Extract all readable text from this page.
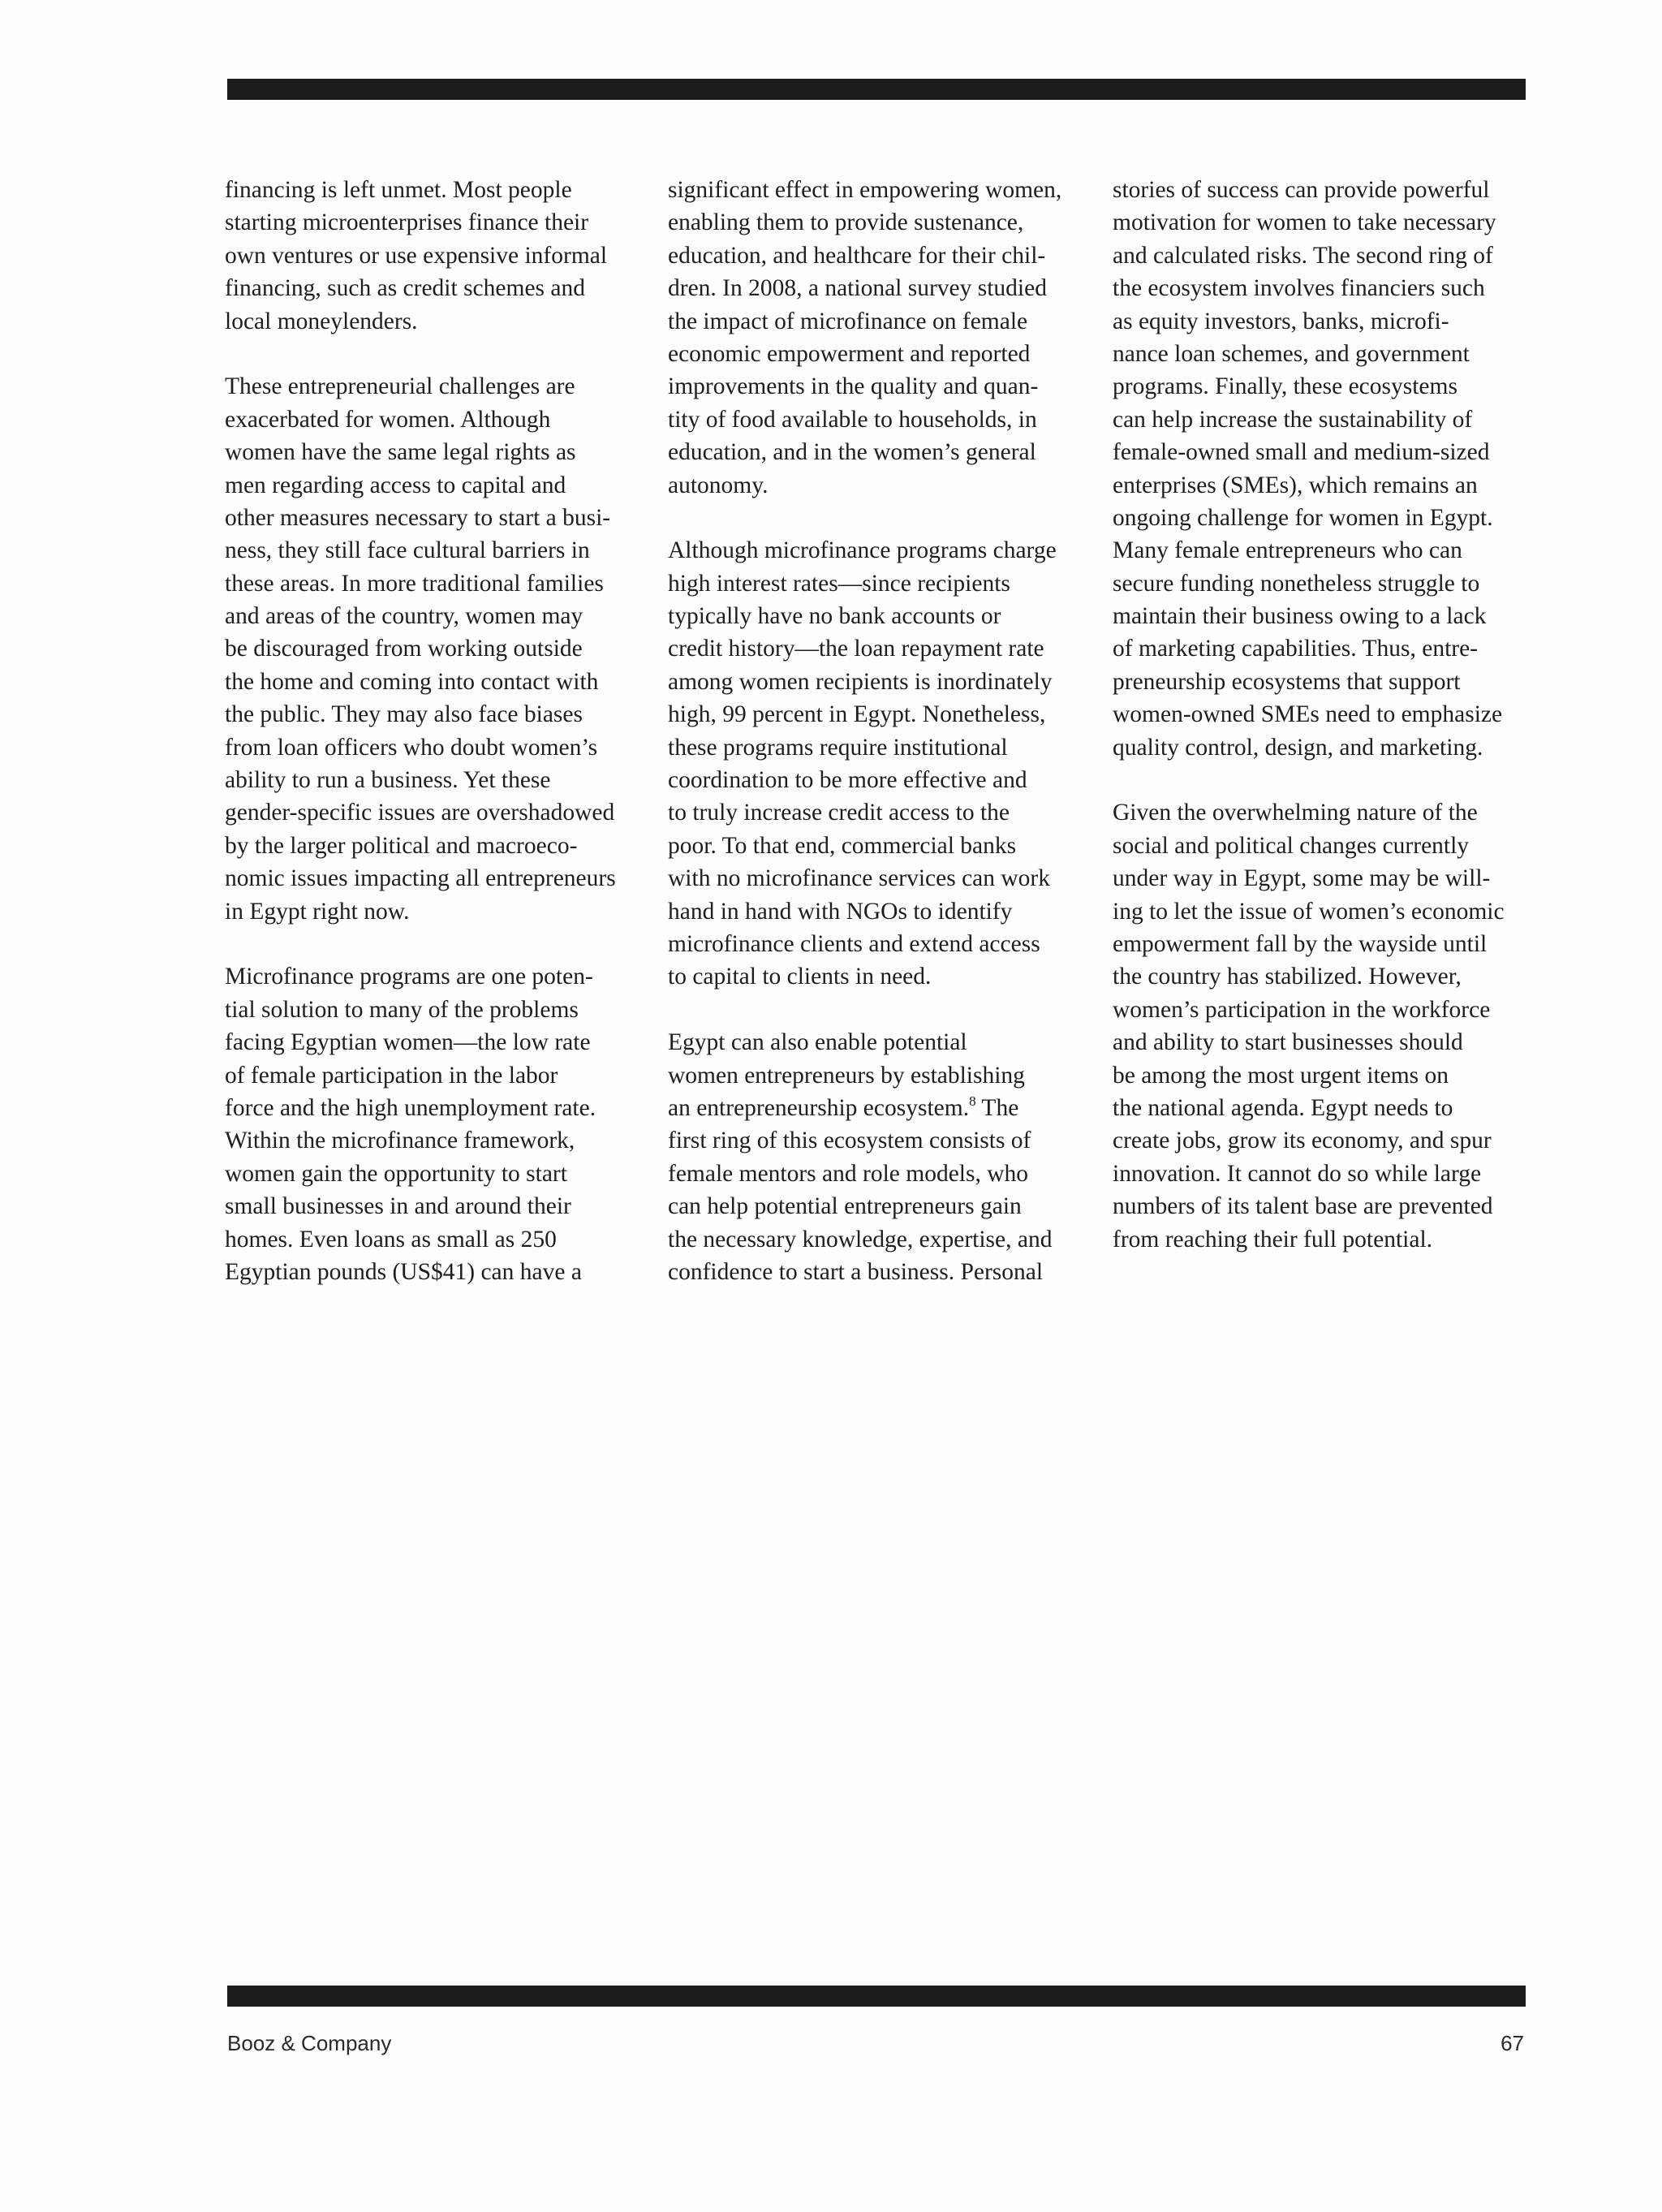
financing is left unmet. Most people
starting microenterprises finance their
own ventures or use expensive informal
financing, such as credit schemes and
local moneylenders.
These entrepreneurial challenges are
exacerbated for women. Although
women have the same legal rights as
men regarding access to capital and
other measures necessary to start a busi-
ness, they still face cultural barriers in
these areas. In more traditional families
and areas of the country, women may
be discouraged from working outside
the home and coming into contact with
the public. They may also face biases
from loan officers who doubt women’s
ability to run a business. Yet these
gender-specific issues are overshadowed
by the larger political and macroeco-
nomic issues impacting all entrepreneurs
in Egypt right now.
Microfinance programs are one poten-
tial solution to many of the problems
facing Egyptian women—the low rate
of female participation in the labor
force and the high unemployment rate.
Within the microfinance framework,
women gain the opportunity to start
small businesses in and around their
homes. Even loans as small as 250
Egyptian pounds (US$41) can have a
significant effect in empowering women,
enabling them to provide sustenance,
education, and healthcare for their chil-
dren. In 2008, a national survey studied
the impact of microfinance on female
economic empowerment and reported
improvements in the quality and quan-
tity of food available to households, in
education, and in the women’s general
autonomy.
Although microfinance programs charge
high interest rates—since recipients
typically have no bank accounts or
credit history—the loan repayment rate
among women recipients is inordinately
high, 99 percent in Egypt. Nonetheless,
these programs require institutional
coordination to be more effective and
to truly increase credit access to the
poor. To that end, commercial banks
with no microfinance services can work
hand in hand with NGOs to identify
microfinance clients and extend access
to capital to clients in need.
Egypt can also enable potential
women entrepreneurs by establishing
an entrepreneurship ecosystem.$^8$ The
first ring of this ecosystem consists of
female mentors and role models, who
can help potential entrepreneurs gain
the necessary knowledge, expertise, and
confidence to start a business. Personal
stories of success can provide powerful
motivation for women to take necessary
and calculated risks. The second ring of
the ecosystem involves financiers such
as equity investors, banks, microfi-
nance loan schemes, and government
programs. Finally, these ecosystems
can help increase the sustainability of
female-owned small and medium-sized
enterprises (SMEs), which remains an
ongoing challenge for women in Egypt.
Many female entrepreneurs who can
secure funding nonetheless struggle to
maintain their business owing to a lack
of marketing capabilities. Thus, entre-
preneurship ecosystems that support
women-owned SMEs need to emphasize
quality control, design, and marketing.
Given the overwhelming nature of the
social and political changes currently
under way in Egypt, some may be will-
ing to let the issue of women’s economic
empowerment fall by the wayside until
the country has stabilized. However,
women’s participation in the workforce
and ability to start businesses should
be among the most urgent items on
the national agenda. Egypt needs to
create jobs, grow its economy, and spur
innovation. It cannot do so while large
numbers of its talent base are prevented
from reaching their full potential.
Booz & Company	67
